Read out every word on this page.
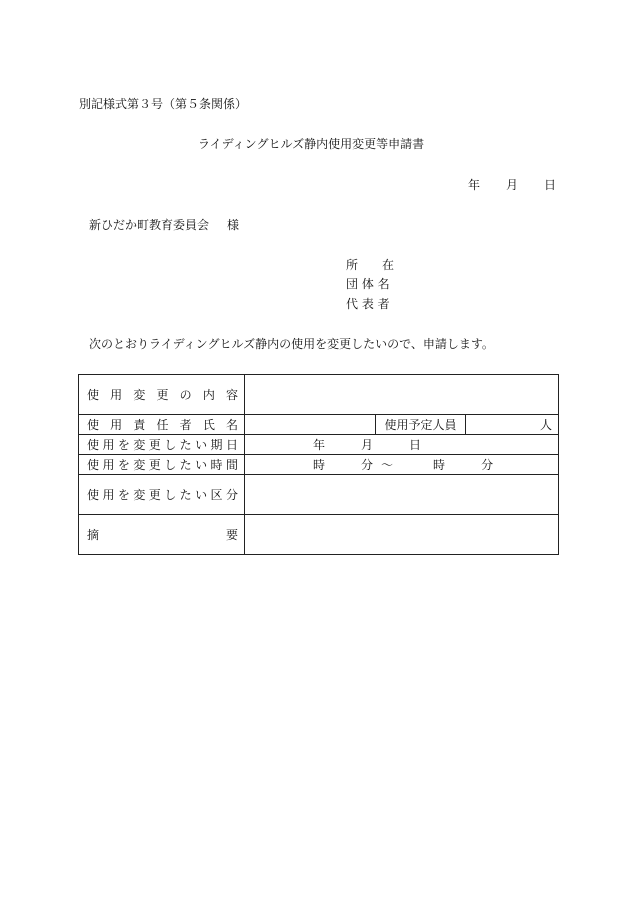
別記様式第３号（第５条関係）
ライディングヒルズ静内使用変更等申請書
年 月 日
新ひだか町教育委員会 様
所　　在
団 体 名
代 表 者
次のとおりライディングヒルズ静内の使用を変更したいので、申請します。
使用変更の内容			

使用責任者氏名		使用予定人員	人

使用を変更したい期日	年 月 日		

使用を変更したい時間	時 分 ～ 時 分		

使用を変更したい区分			

摘 要			
